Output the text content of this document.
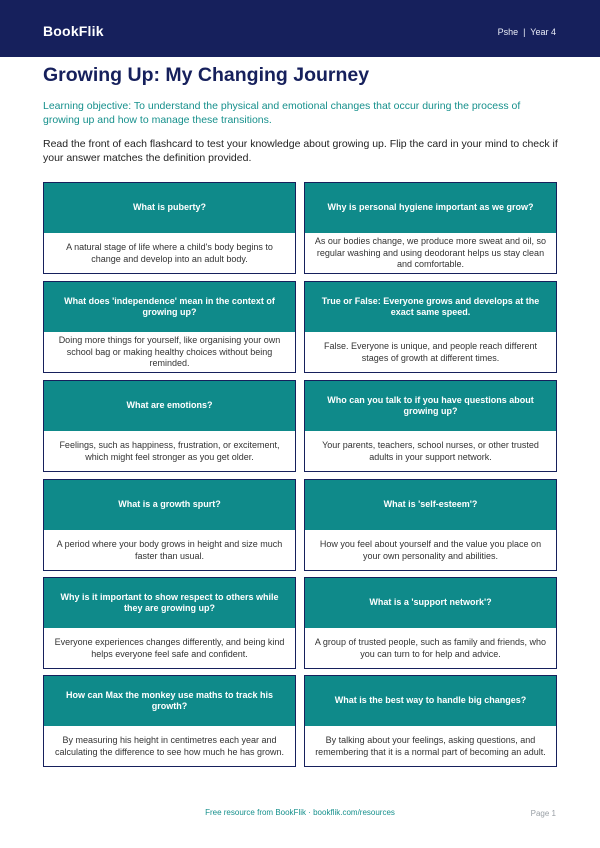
BookFlik	Pshe  |  Year 4
Growing Up: My Changing Journey

Learning objective: To understand the physical and emotional changes that occur during the process of growing up and how to manage these transitions.

Read the front of each flashcard to test your knowledge about growing up. Flip the card in your mind to check if your answer matches the definition provided.

What is puberty?
A natural stage of life where a child's body begins to change and develop into an adult body.
Why is personal hygiene important as we grow?
As our bodies change, we produce more sweat and oil, so regular washing and using deodorant helps us stay clean and comfortable.
What does 'independence' mean in the context of growing up?
Doing more things for yourself, like organising your own school bag or making healthy choices without being reminded.
True or False: Everyone grows and develops at the exact same speed.
False. Everyone is unique, and people reach different stages of growth at different times.
What are emotions?
Feelings, such as happiness, frustration, or excitement, which might feel stronger as you get older.
Who can you talk to if you have questions about growing up?
Your parents, teachers, school nurses, or other trusted adults in your support network.
What is a growth spurt?
A period where your body grows in height and size much faster than usual.
What is 'self-esteem'?
How you feel about yourself and the value you place on your own personality and abilities.
Why is it important to show respect to others while they are growing up?
Everyone experiences changes differently, and being kind helps everyone feel safe and confident.
What is a 'support network'?
A group of trusted people, such as family and friends, who you can turn to for help and advice.
How can Max the monkey use maths to track his growth?
By measuring his height in centimetres each year and calculating the difference to see how much he has grown.
What is the best way to handle big changes?
By talking about your feelings, asking questions, and remembering that it is a normal part of becoming an adult.
Free resource from BookFlik · bookflik.com/resources	Page 1
